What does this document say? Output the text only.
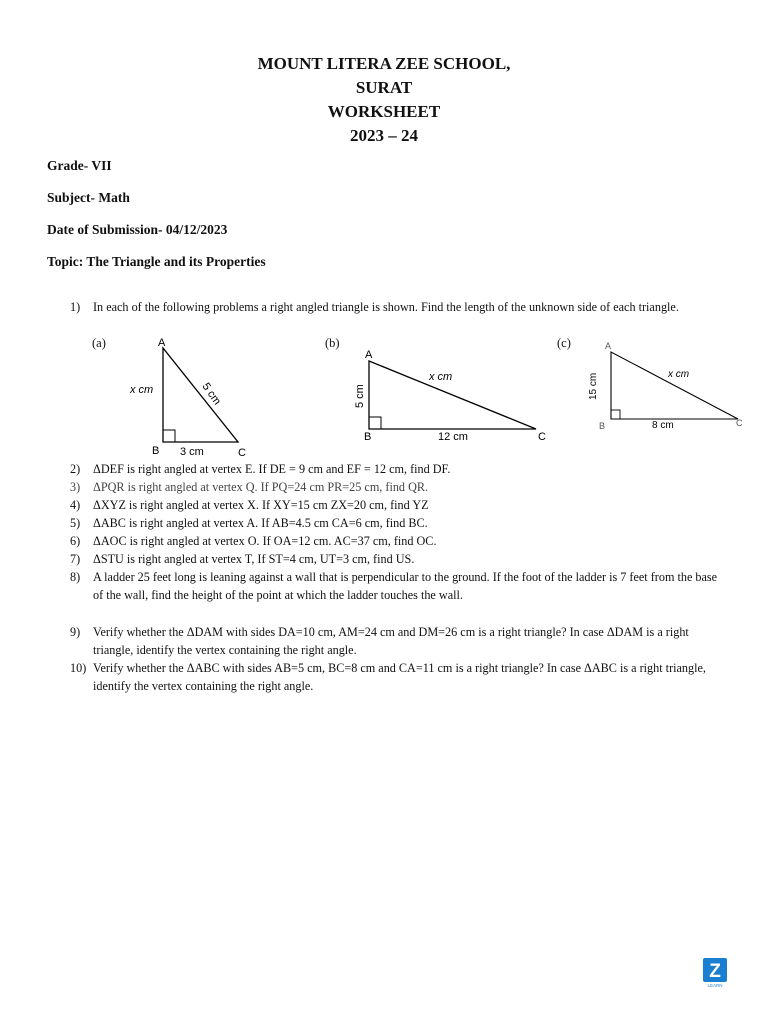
MOUNT LITERA ZEE SCHOOL,
SURAT
WORKSHEET
2023 – 24
Grade- VII
Subject- Math
Date of Submission- 04/12/2023
Topic: The Triangle and its Properties
1) In each of the following problems a right angled triangle is shown. Find the length of the unknown side of each triangle.
(a)	(b)	(c)
A
B	C
x cm	5 cm
3 cm
A
B	C
5 cm
x cm
12 cm
A
B	C
15 cm	x cm
8 cm
2) ΔDEF is right angled at vertex E. If DE = 9 cm and EF = 12 cm, find DF.
3) ΔPQR is right angled at vertex Q. If PQ=24 cm PR=25 cm, find QR.
4) ΔXYZ is right angled at vertex X. If XY=15 cm ZX=20 cm, find YZ
5) ΔABC is right angled at vertex A. If AB=4.5 cm CA=6 cm, find BC.
6) ΔAOC is right angled at vertex O. If OA=12 cm. AC=37 cm, find OC.
7) ΔSTU is right angled at vertex T, If ST=4 cm, UT=3 cm, find US.
8) A ladder 25 feet long is leaning against a wall that is perpendicular to the ground. If the foot of the ladder is 7 feet from the base of the wall, find the height of the point at which the ladder touches the wall.
9) Verify whether the ΔDAM with sides DA=10 cm, AM=24 cm and DM=26 cm is a right triangle? In case ΔDAM is a right triangle, identify the vertex containing the right angle.
10) Verify whether the ΔABC with sides AB=5 cm, BC=8 cm and CA=11 cm is a right triangle? In case ΔABC is a right triangle, identify the vertex containing the right angle.
Z
LEARN
